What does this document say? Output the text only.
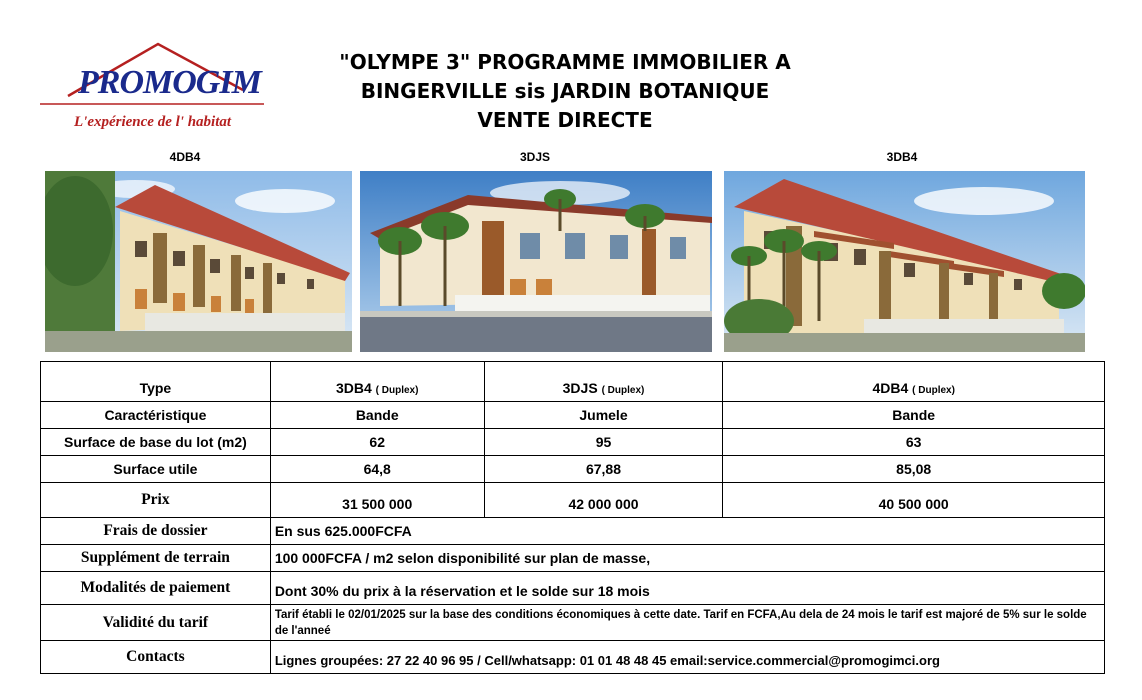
PROMOGIM
L'expérience de l' habitat
"OLYMPE 3" PROGRAMME IMMOBILIER A
BINGERVILLE sis JARDIN BOTANIQUE
VENTE DIRECTE
4DB4	3DJS	3DB4
Type	3DB4 ( Duplex)	3DJS ( Duplex)	4DB4 ( Duplex)
Caractéristique	Bande	Jumele	Bande
Surface de base du lot (m2)	62	95	63
Surface utile	64,8	67,88	85,08
Prix	31 500 000	42 000 000	40 500 000
Frais de dossier	En sus 625.000FCFA		
Supplément de terrain	100 000FCFA / m2 selon disponibilité sur plan de masse,		
Modalités de paiement	Dont 30% du prix à la réservation et le solde sur 18 mois		
Validité du tarif	Tarif établi le 02/01/2025 sur la base des conditions économiques à cette date. Tarif en FCFA,Au dela de 24 mois le tarif est majoré de 5% sur le solde de l'anneé		
Contacts	Lignes groupées: 27 22 40 96 95 / Cell/whatsapp: 01 01 48 48 45 email:service.commercial@promogimci.org		
